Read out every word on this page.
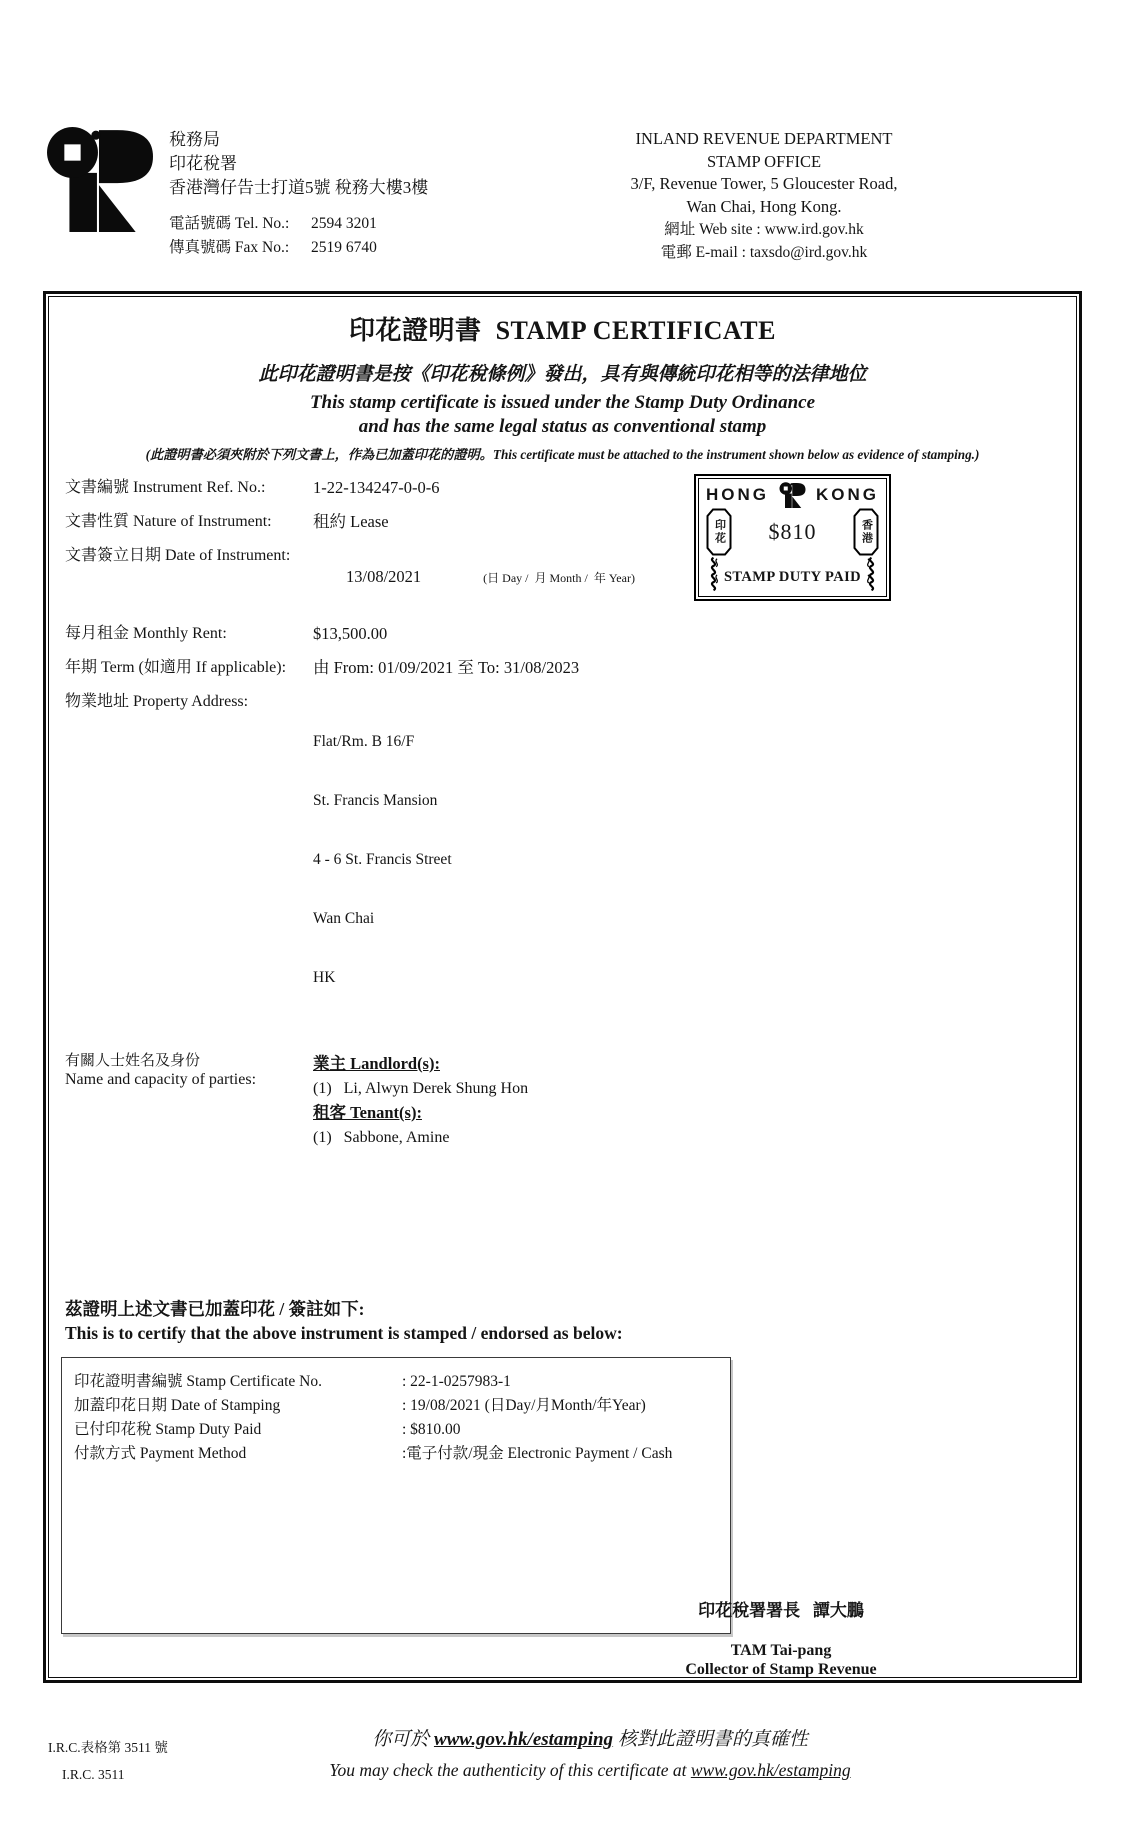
稅務局
印花稅署
香港灣仔告士打道5號 稅務大樓3樓
電話號碼 Tel. No.:	2594 3201
傳真號碼 Fax No.:	2519 6740
INLAND REVENUE DEPARTMENT
STAMP OFFICE
3/F, Revenue Tower, 5 Gloucester Road,
Wan Chai, Hong Kong.
網址 Web site : www.ird.gov.hk
電郵 E-mail : taxsdo@ird.gov.hk
印花證明書 STAMP CERTIFICATE
此印花證明書是按《印花稅條例》發出，具有與傳統印花相等的法律地位
This stamp certificate is issued under the Stamp Duty Ordinance
and has the same legal status as conventional stamp
(此證明書必須夾附於下列文書上，作為已加蓋印花的證明。This certificate must be attached to the instrument shown below as evidence of stamping.)
文書編號 Instrument Ref. No.:	1-22-134247-0-0-6
文書性質 Nature of Instrument:	租約 Lease
文書簽立日期 Date of Instrument:

13/08/2021	(日 Day /  月 Month /  年 Year)

每月租金 Monthly Rent:	$13,500.00
年期 Term (如適用 If applicable):	由 From: 01/09/2021 至 To: 31/08/2023
物業地址 Property Address:

Flat/Rm. B 16/F

St. Francis Mansion

4 - 6 St. Francis Street

Wan Chai

HK

有關人士姓名及身份
Name and capacity of parties:
業主 Landlord(s):
(1)   Li, Alwyn Derek Shung Hon
租客 Tenant(s):
(1)   Sabbone, Amine
HONG	KONG
印花 $810	香港
STAMP DUTY PAID
茲證明上述文書已加蓋印花 / 簽註如下:
This is to certify that the above instrument is stamped / endorsed as below:
印花證明書編號 Stamp Certificate No.	: 22-1-0257983-1
加蓋印花日期 Date of Stamping	: 19/08/2021 (日Day/月Month/年Year)
已付印花稅 Stamp Duty Paid	: $810.00
付款方式 Payment Method	:電子付款/現金 Electronic Payment / Cash
印花稅署署長   譚大鵬
TAM Tai-pang
Collector of Stamp Revenue
I.R.C.表格第 3511 號
I.R.C. 3511
你可於 www.gov.hk/estamping 核對此證明書的真確性
You may check the authenticity of this certificate at www.gov.hk/estamping
